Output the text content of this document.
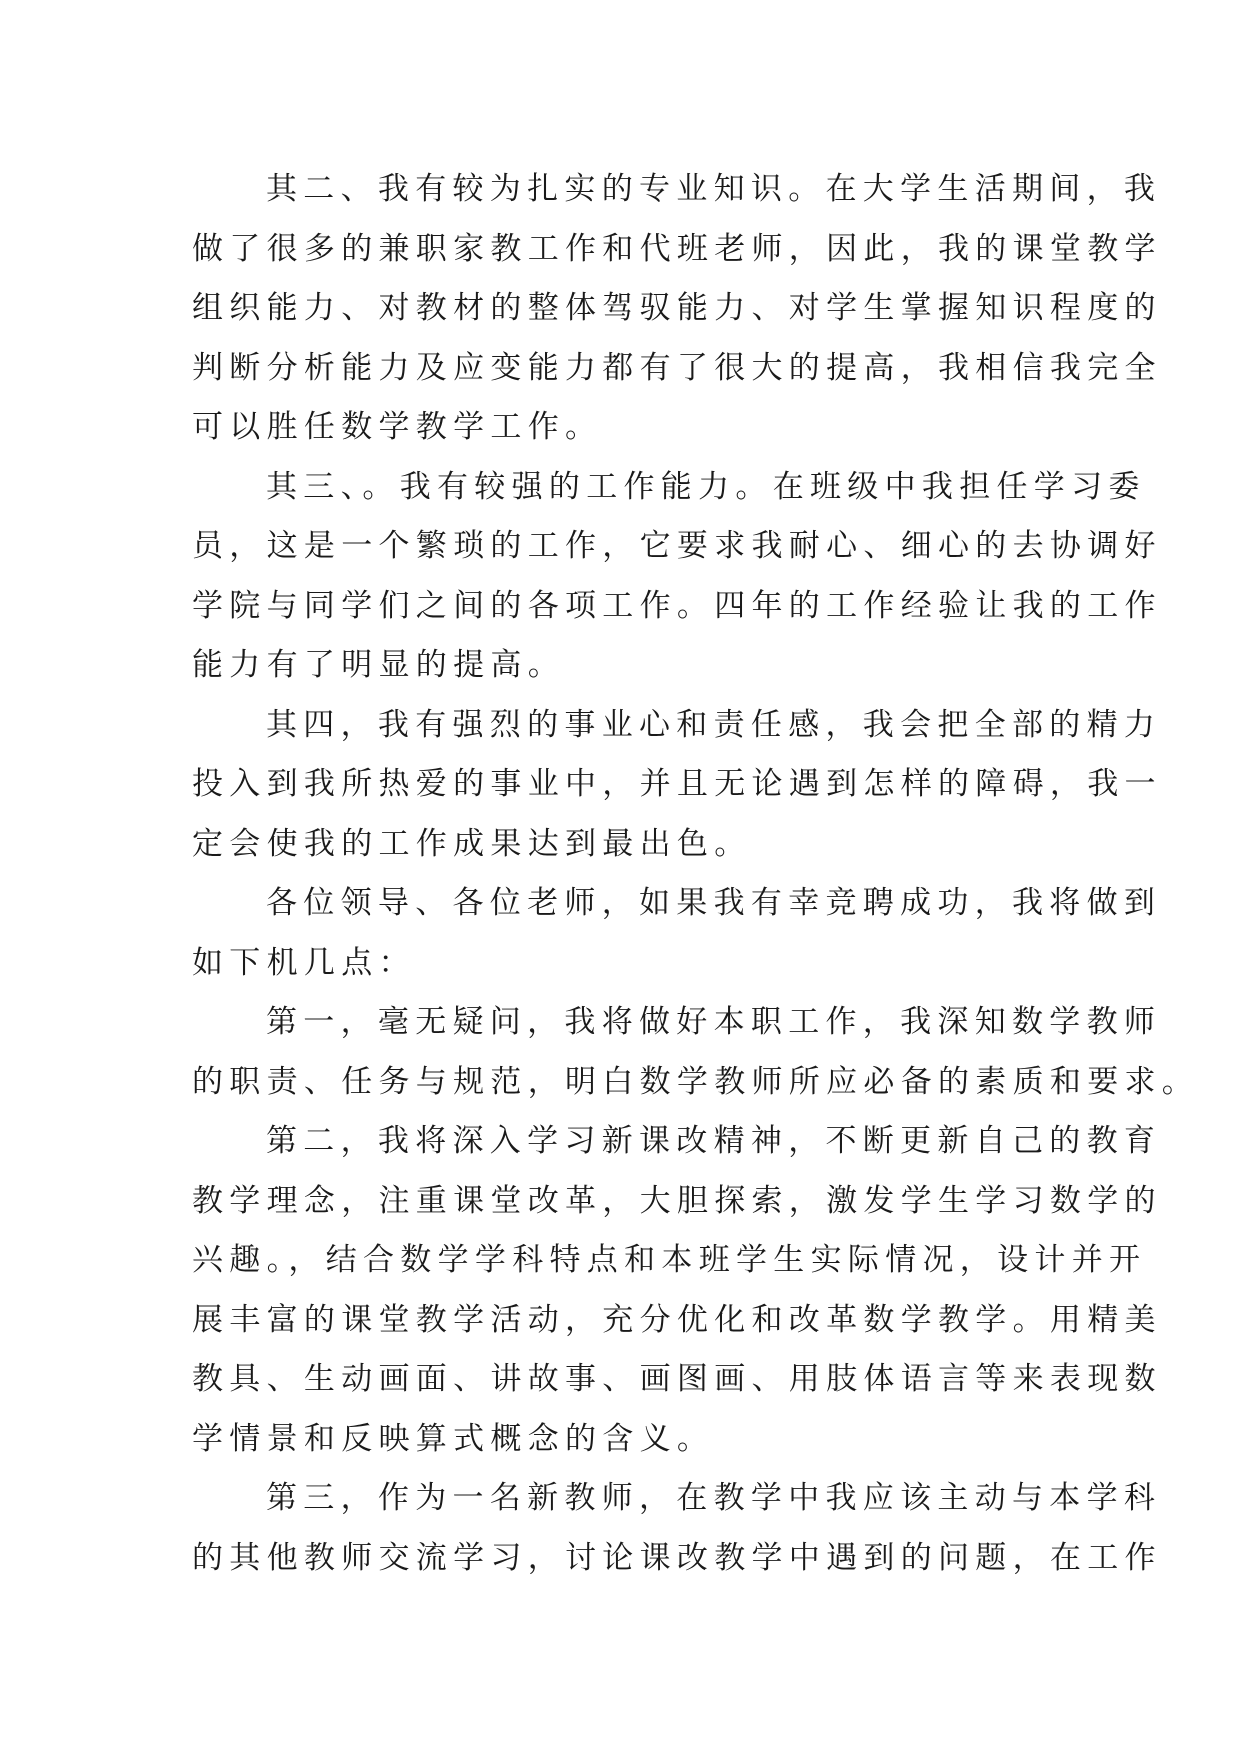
其二、我有较为扎实的专业知识。在大学生活期间，我
做了很多的兼职家教工作和代班老师，因此，我的课堂教学
组织能力、对教材的整体驾驭能力、对学生掌握知识程度的
判断分析能力及应变能力都有了很大的提高，我相信我完全
可以胜任数学教学工作。

其三、。我有较强的工作能力。在班级中我担任学习委
员，这是一个繁琐的工作，它要求我耐心、细心的去协调好
学院与同学们之间的各项工作。四年的工作经验让我的工作
能力有了明显的提高。

其四，我有强烈的事业心和责任感，我会把全部的精力
投入到我所热爱的事业中，并且无论遇到怎样的障碍，我一
定会使我的工作成果达到最出色。

各位领导、各位老师，如果我有幸竞聘成功，我将做到
如下机几点：

第一，毫无疑问，我将做好本职工作，我深知数学教师
的职责、任务与规范，明白数学教师所应必备的素质和要求。

第二，我将深入学习新课改精神，不断更新自己的教育
教学理念，注重课堂改革，大胆探索，激发学生学习数学的
兴趣。，结合数学学科特点和本班学生实际情况，设计并开
展丰富的课堂教学活动，充分优化和改革数学教学。用精美
教具、生动画面、讲故事、画图画、用肢体语言等来表现数
学情景和反映算式概念的含义。

第三，作为一名新教师，在教学中我应该主动与本学科
的其他教师交流学习，讨论课改教学中遇到的问题，在工作
